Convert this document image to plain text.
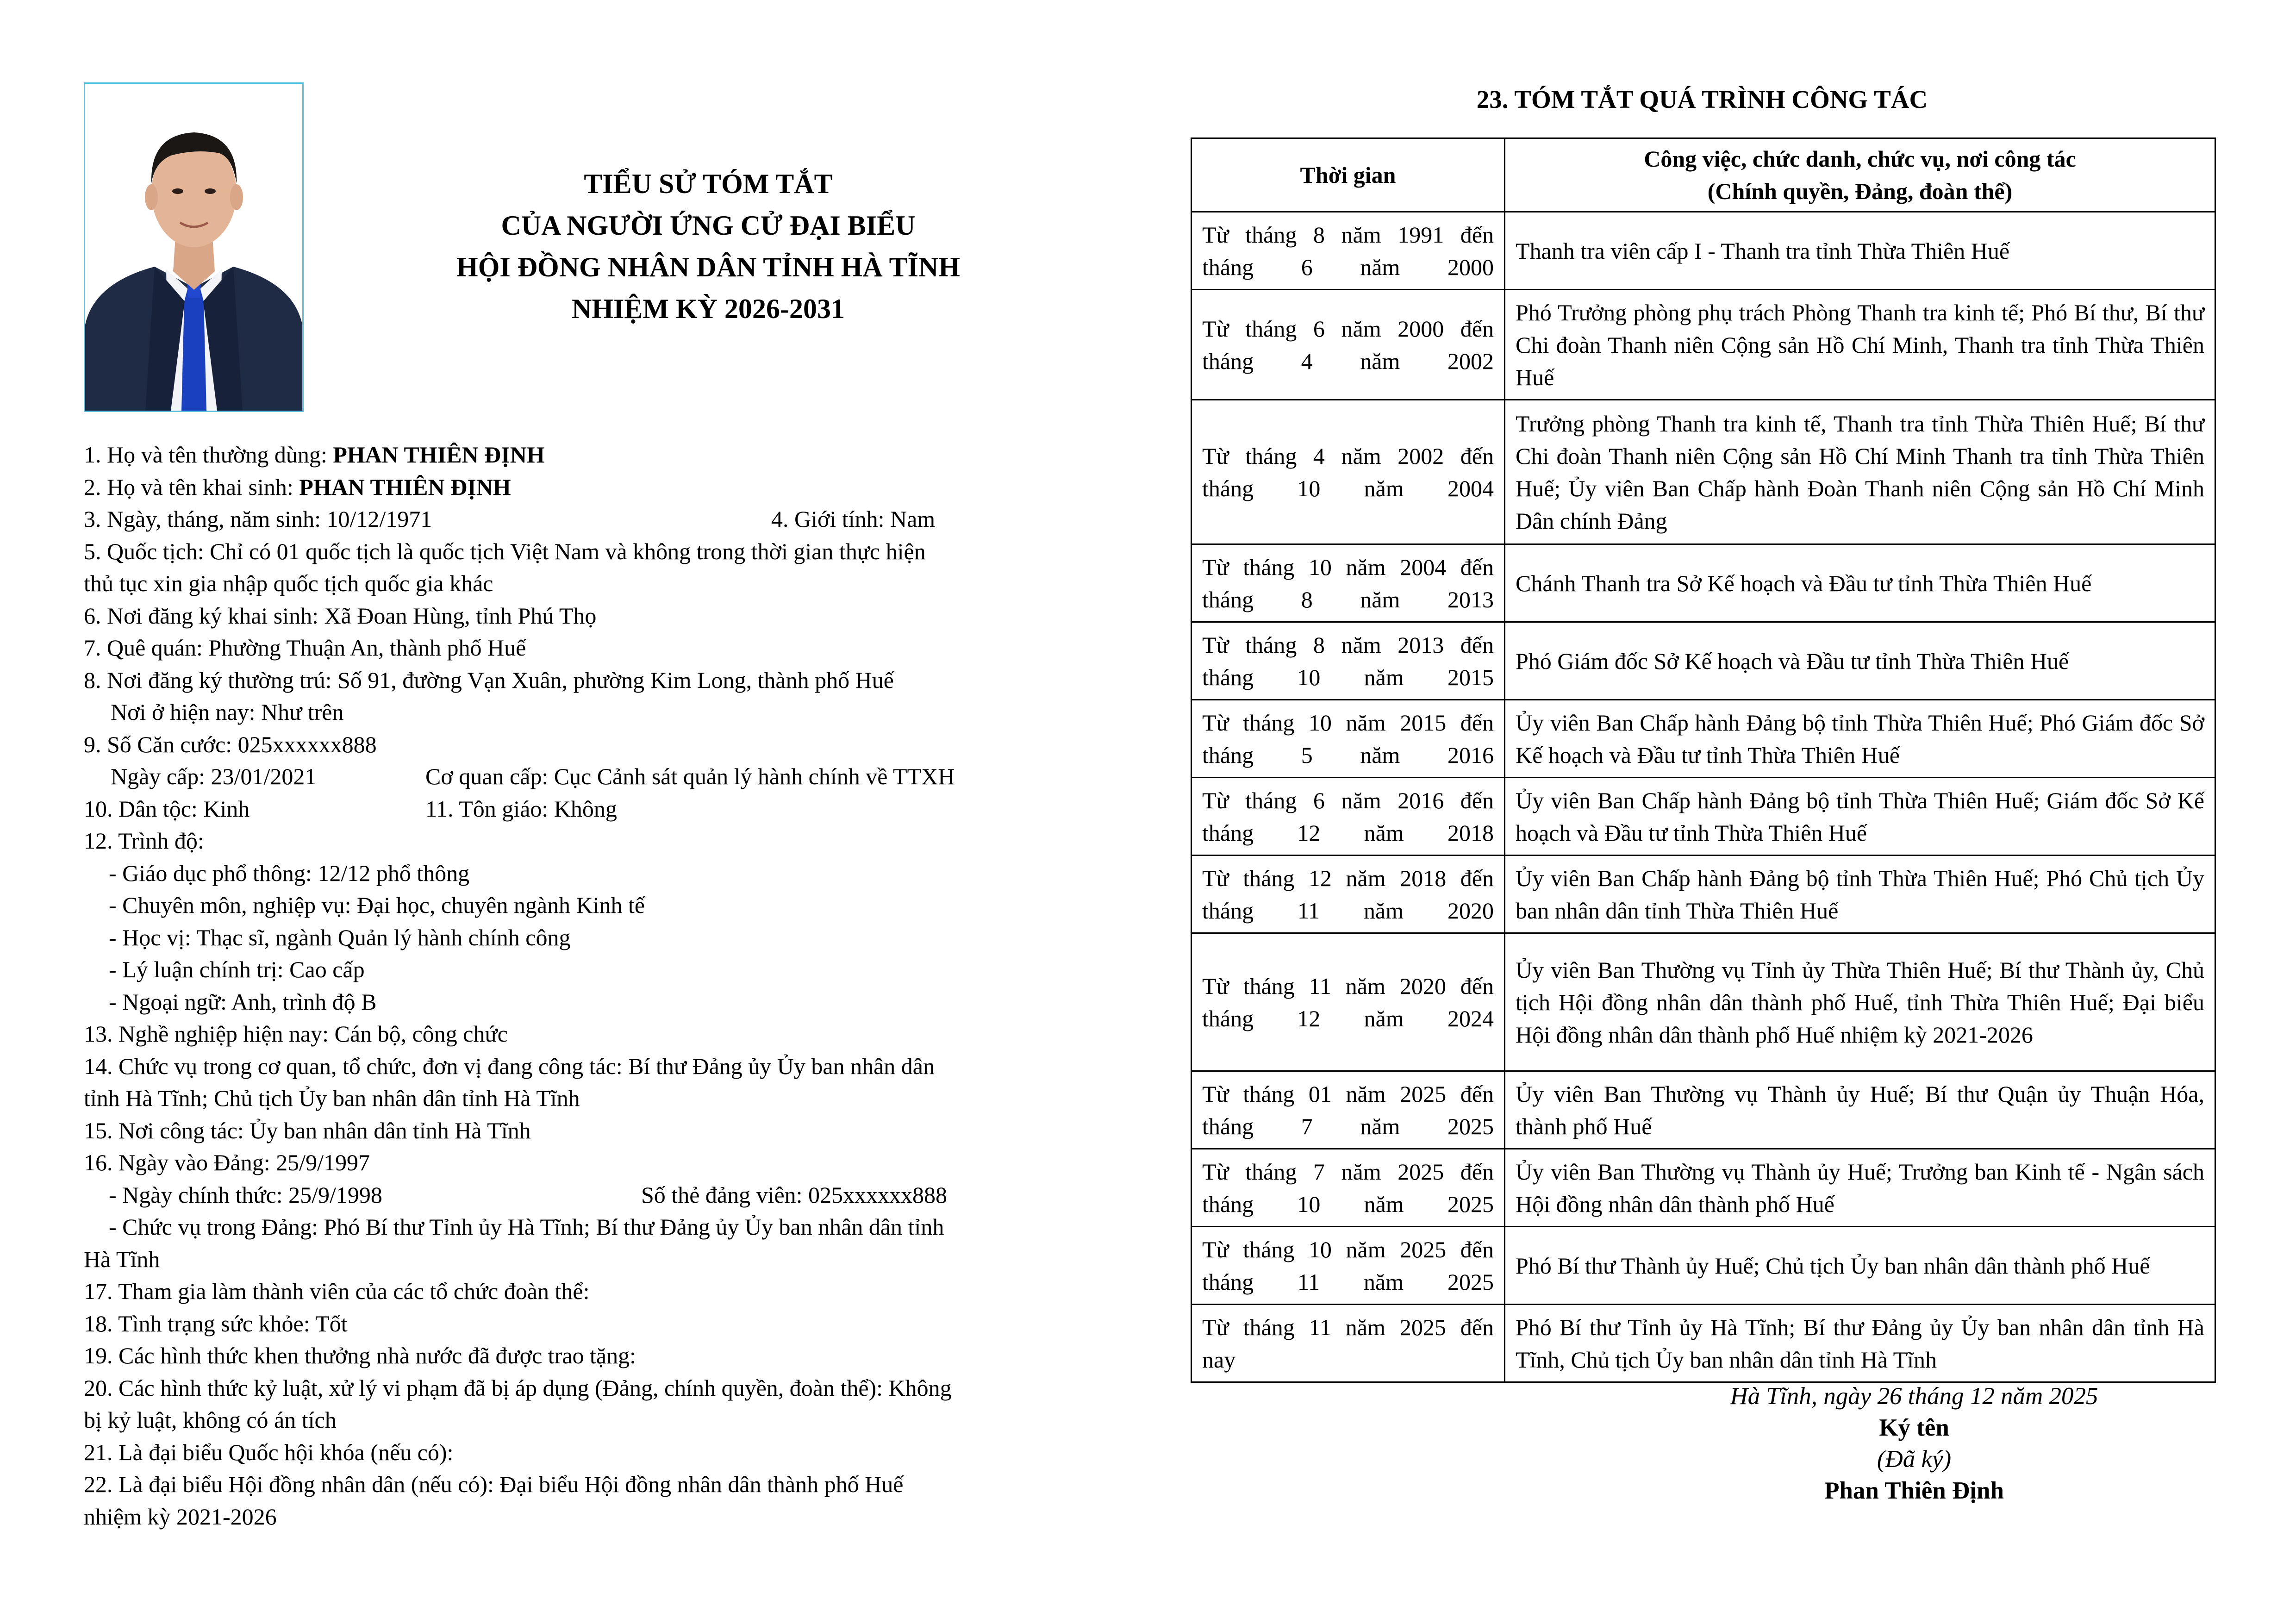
TIỂU SỬ TÓM TẮT
CỦA NGƯỜI ỨNG CỬ ĐẠI BIỂU
HỘI ĐỒNG NHÂN DÂN TỈNH HÀ TĨNH
NHIỆM KỲ 2026-2031
1. Họ và tên thường dùng: PHAN THIÊN ĐỊNH
2. Họ và tên khai sinh: PHAN THIÊN ĐỊNH
3. Ngày, tháng, năm sinh: 10/12/1971	4. Giới tính: Nam
5. Quốc tịch: Chỉ có 01 quốc tịch là quốc tịch Việt Nam và không trong thời gian thực hiện
thủ tục xin gia nhập quốc tịch quốc gia khác
6. Nơi đăng ký khai sinh: Xã Đoan Hùng, tỉnh Phú Thọ
7. Quê quán: Phường Thuận An, thành phố Huế
8. Nơi đăng ký thường trú: Số 91, đường Vạn Xuân, phường Kim Long, thành phố Huế
Nơi ở hiện nay: Như trên
9. Số Căn cước: 025xxxxxx888
Ngày cấp: 23/01/2021	Cơ quan cấp: Cục Cảnh sát quản lý hành chính về TTXH
10. Dân tộc: Kinh	11. Tôn giáo: Không
12. Trình độ:
- Giáo dục phổ thông: 12/12 phổ thông
- Chuyên môn, nghiệp vụ: Đại học, chuyên ngành Kinh tế
- Học vị: Thạc sĩ, ngành Quản lý hành chính công
- Lý luận chính trị: Cao cấp
- Ngoại ngữ: Anh, trình độ B
13. Nghề nghiệp hiện nay: Cán bộ, công chức
14. Chức vụ trong cơ quan, tổ chức, đơn vị đang công tác: Bí thư Đảng ủy Ủy ban nhân dân
tỉnh Hà Tĩnh; Chủ tịch Ủy ban nhân dân tỉnh Hà Tĩnh
15. Nơi công tác: Ủy ban nhân dân tỉnh Hà Tĩnh
16. Ngày vào Đảng: 25/9/1997
- Ngày chính thức: 25/9/1998	Số thẻ đảng viên: 025xxxxxx888
- Chức vụ trong Đảng: Phó Bí thư Tỉnh ủy Hà Tĩnh; Bí thư Đảng ủy Ủy ban nhân dân tỉnh
Hà Tĩnh
17. Tham gia làm thành viên của các tổ chức đoàn thể:
18. Tình trạng sức khỏe: Tốt
19. Các hình thức khen thưởng nhà nước đã được trao tặng:
20. Các hình thức kỷ luật, xử lý vi phạm đã bị áp dụng (Đảng, chính quyền, đoàn thể): Không
bị kỷ luật, không có án tích
21. Là đại biểu Quốc hội khóa (nếu có):
22. Là đại biểu Hội đồng nhân dân (nếu có): Đại biểu Hội đồng nhân dân thành phố Huế
nhiệm kỳ 2021-2026
23. TÓM TẮT QUÁ TRÌNH CÔNG TÁC
Thời gian	Công việc, chức danh, chức vụ, nơi công tác
(Chính quyền, Đảng, đoàn thể)

Từ tháng 8 năm 1991 đến
tháng 6 năm 2000	Thanh tra viên cấp I - Thanh tra tỉnh Thừa Thiên Huế

Từ tháng 6 năm 2000 đến
tháng 4 năm 2002	Phó Trưởng phòng phụ trách Phòng Thanh tra kinh tế; Phó Bí thư, Bí thư Chi đoàn Thanh niên Cộng sản Hồ Chí Minh, Thanh tra tỉnh Thừa Thiên Huế

Từ tháng 4 năm 2002 đến
tháng 10 năm 2004	Trưởng phòng Thanh tra kinh tế, Thanh tra tỉnh Thừa Thiên Huế; Bí thư Chi đoàn Thanh niên Cộng sản Hồ Chí Minh Thanh tra tỉnh Thừa Thiên Huế; Ủy viên Ban Chấp hành Đoàn Thanh niên Cộng sản Hồ Chí Minh Dân chính Đảng

Từ tháng 10 năm 2004 đến
tháng 8 năm 2013	Chánh Thanh tra Sở Kế hoạch và Đầu tư tỉnh Thừa Thiên Huế

Từ tháng 8 năm 2013 đến
tháng 10 năm 2015	Phó Giám đốc Sở Kế hoạch và Đầu tư tỉnh Thừa Thiên Huế

Từ tháng 10 năm 2015 đến
tháng 5 năm 2016	Ủy viên Ban Chấp hành Đảng bộ tỉnh Thừa Thiên Huế; Phó Giám đốc Sở Kế hoạch và Đầu tư tỉnh Thừa Thiên Huế

Từ tháng 6 năm 2016 đến
tháng 12 năm 2018	Ủy viên Ban Chấp hành Đảng bộ tỉnh Thừa Thiên Huế; Giám đốc Sở Kế hoạch và Đầu tư tỉnh Thừa Thiên Huế

Từ tháng 12 năm 2018 đến
tháng 11 năm 2020	Ủy viên Ban Chấp hành Đảng bộ tỉnh Thừa Thiên Huế; Phó Chủ tịch Ủy ban nhân dân tỉnh Thừa Thiên Huế

Từ tháng 11 năm 2020 đến
tháng 12 năm 2024	Ủy viên Ban Thường vụ Tỉnh ủy Thừa Thiên Huế; Bí thư Thành ủy, Chủ tịch Hội đồng nhân dân thành phố Huế, tỉnh Thừa Thiên Huế; Đại biểu Hội đồng nhân dân thành phố Huế nhiệm kỳ 2021-2026

Từ tháng 01 năm 2025 đến
tháng 7 năm 2025	Ủy viên Ban Thường vụ Thành ủy Huế; Bí thư Quận ủy Thuận Hóa, thành phố Huế

Từ tháng 7 năm 2025 đến
tháng 10 năm 2025	Ủy viên Ban Thường vụ Thành ủy Huế; Trưởng ban Kinh tế - Ngân sách Hội đồng nhân dân thành phố Huế

Từ tháng 10 năm 2025 đến
tháng 11 năm 2025	Phó Bí thư Thành ủy Huế; Chủ tịch Ủy ban nhân dân thành phố Huế

Từ tháng 11 năm 2025 đến
nay	Phó Bí thư Tỉnh ủy Hà Tĩnh; Bí thư Đảng ủy Ủy ban nhân dân tỉnh Hà Tĩnh, Chủ tịch Ủy ban nhân dân tỉnh Hà Tĩnh
Hà Tĩnh, ngày 26 tháng 12 năm 2025
Ký tên
(Đã ký)
Phan Thiên Định
